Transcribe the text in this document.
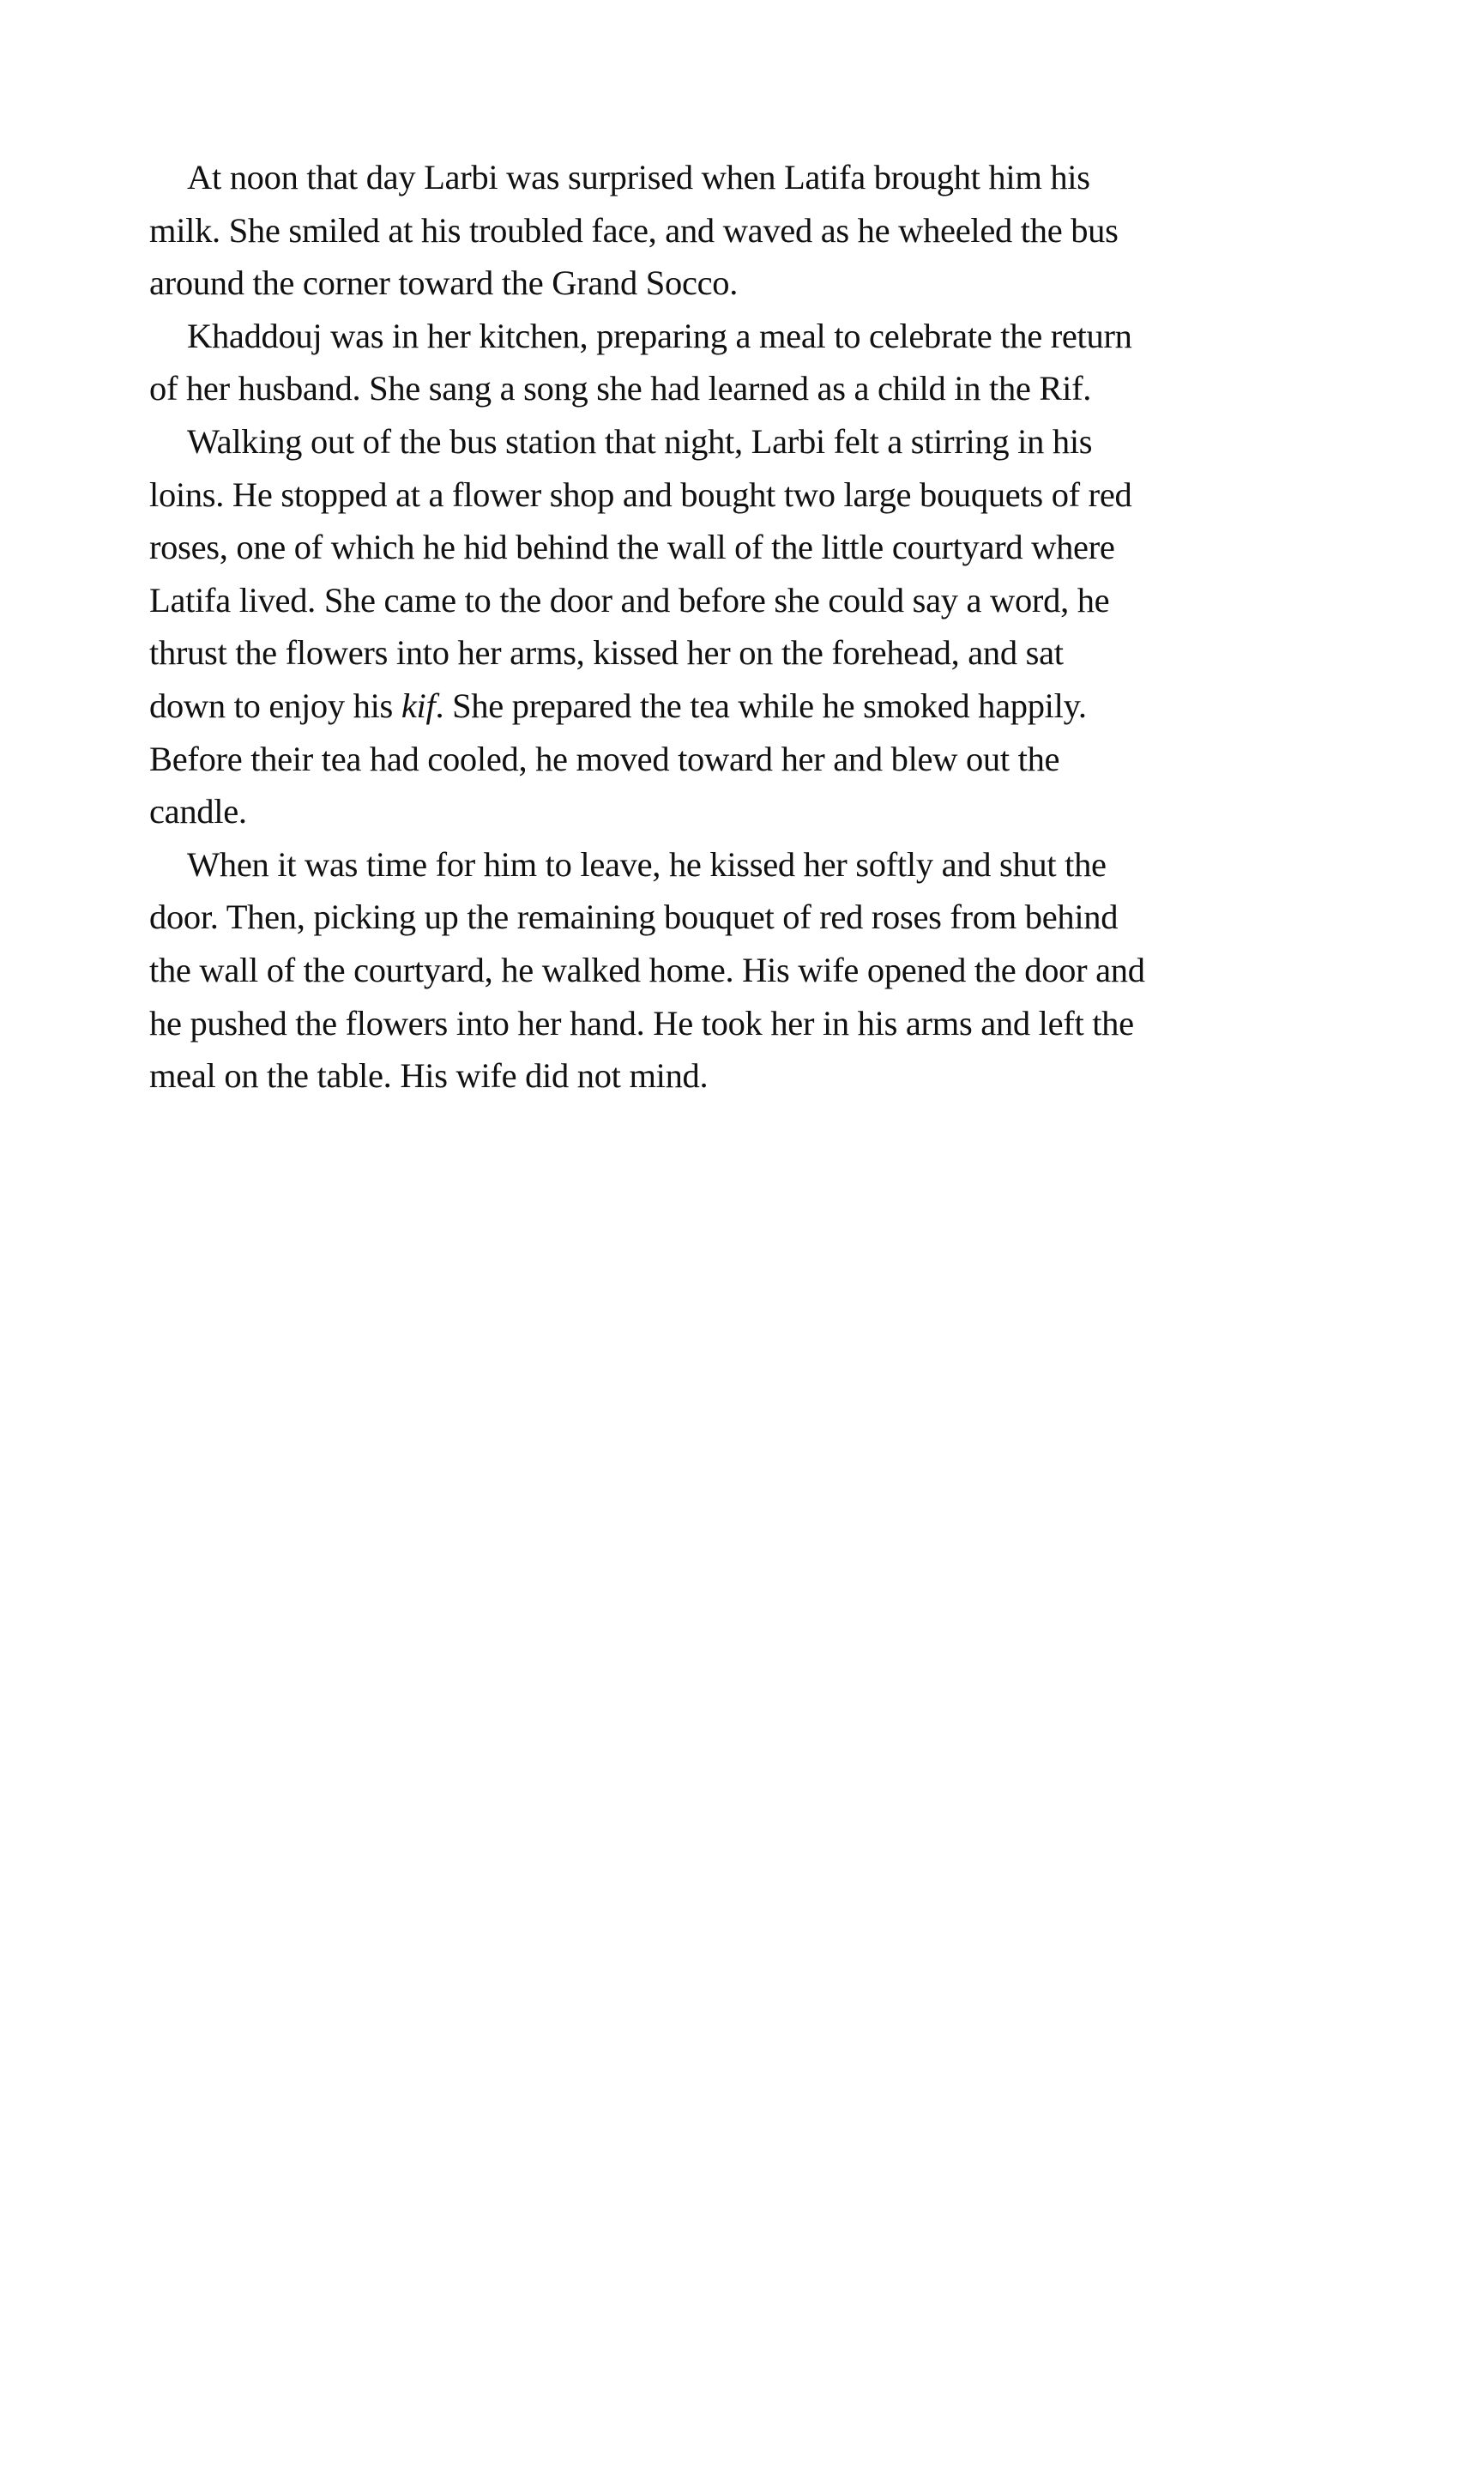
At noon that day Larbi was surprised when Latifa brought him his
milk. She smiled at his troubled face, and waved as he wheeled the bus
around the corner toward the Grand Socco.

Khaddouj was in her kitchen, preparing a meal to celebrate the return
of her husband. She sang a song she had learned as a child in the Rif.

Walking out of the bus station that night, Larbi felt a stirring in his
loins. He stopped at a flower shop and bought two large bouquets of red
roses, one of which he hid behind the wall of the little courtyard where
Latifa lived. She came to the door and before she could say a word, he
thrust the flowers into her arms, kissed her on the forehead, and sat
down to enjoy his kif. She prepared the tea while he smoked happily.
Before their tea had cooled, he moved toward her and blew out the
candle.

When it was time for him to leave, he kissed her softly and shut the
door. Then, picking up the remaining bouquet of red roses from behind
the wall of the courtyard, he walked home. His wife opened the door and
he pushed the flowers into her hand. He took her in his arms and left the
meal on the table. His wife did not mind.
